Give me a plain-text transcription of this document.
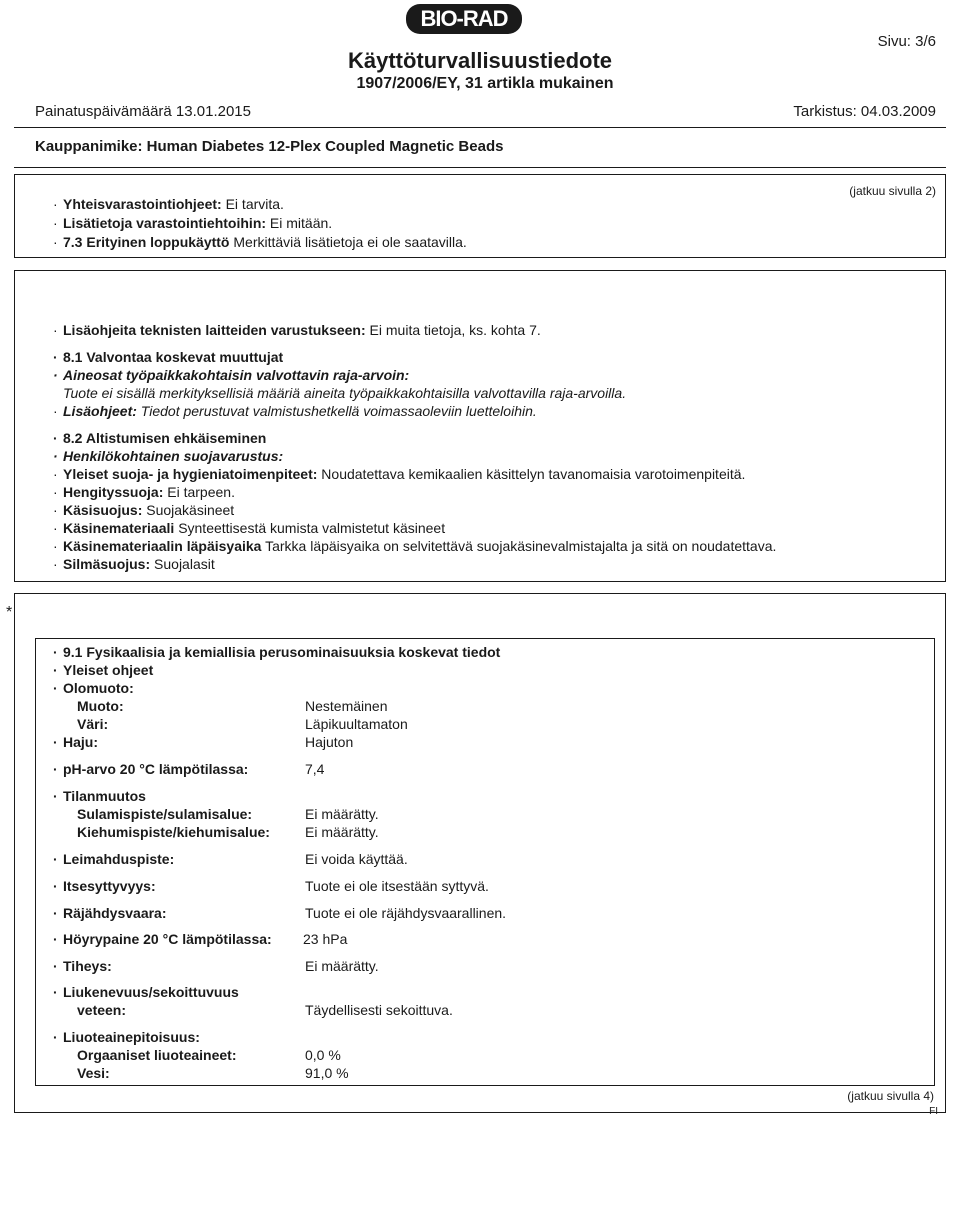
BIO-RAD
Käyttöturvallisuustiedote
1907/2006/EY, 31 artikla mukainen
Sivu: 3/6
Painatuspäivämäärä 13.01.2015	Tarkistus: 04.03.2009
Kauppanimike: Human Diabetes 12-Plex Coupled Magnetic Beads
(jatkuu sivulla 2)
· Yhteisvarastointiohjeet: Ei tarvita.
· Lisätietoja varastointiehtoihin: Ei mitään.
· 7.3 Erityinen loppukäyttö Merkittäviä lisätietoja ei ole saatavilla.
KOHTA 8: Altistumisen ehkäiseminen ja henkilönsuojaimet
· Lisäohjeita teknisten laitteiden varustukseen: Ei muita tietoja, ks. kohta 7.
· 8.1 Valvontaa koskevat muuttujat
· Aineosat työpaikkakohtaisin valvottavin raja-arvoin:
Tuote ei sisällä merkityksellisiä määriä aineita työpaikkakohtaisilla valvottavilla raja-arvoilla.
· Lisäohjeet: Tiedot perustuvat valmistushetkellä voimassaoleviin luetteloihin.
· 8.2 Altistumisen ehkäiseminen
· Henkilökohtainen suojavarustus:
· Yleiset suoja- ja hygieniatoimenpiteet: Noudatettava kemikaalien käsittelyn tavanomaisia varotoimenpiteitä.
· Hengityssuoja: Ei tarpeen.
· Käsisuojus: Suojakäsineet
· Käsinemateriaali Synteettisestä kumista valmistetut käsineet
· Käsinemateriaalin läpäisyaika Tarkka läpäisyaika on selvitettävä suojakäsinevalmistajalta ja sitä on noudatettava.
· Silmäsuojus: Suojalasit
*	KOHTA 9: Fysikaaliset ja kemialliset ominaisuudet
· 9.1 Fysikaalisia ja kemiallisia perusominaisuuksia koskevat tiedot
· Yleiset ohjeet
· Olomuoto:
Muoto:	Nestemäinen
Väri:	Läpikuultamaton
· Haju:	Hajuton
· pH-arvo 20 °C lämpötilassa:	7,4
· Tilanmuutos
Sulamispiste/sulamisalue:	Ei määrätty.
Kiehumispiste/kiehumisalue:	Ei määrätty.
· Leimahduspiste:	Ei voida käyttää.
· Itsesyttyvyys:	Tuote ei ole itsestään syttyvä.
· Räjähdysvaara:	Tuote ei ole räjähdysvaarallinen.
· Höyrypaine 20 °C lämpötilassa: 23 hPa
· Tiheys:	Ei määrätty.
· Liukenevuus/sekoittuvuus
veteen:	Täydellisesti sekoittuva.
· Liuoteainepitoisuus:
Orgaaniset liuoteaineet:	0,0 %
Vesi:	91,0 %
(jatkuu sivulla 4)
FI
